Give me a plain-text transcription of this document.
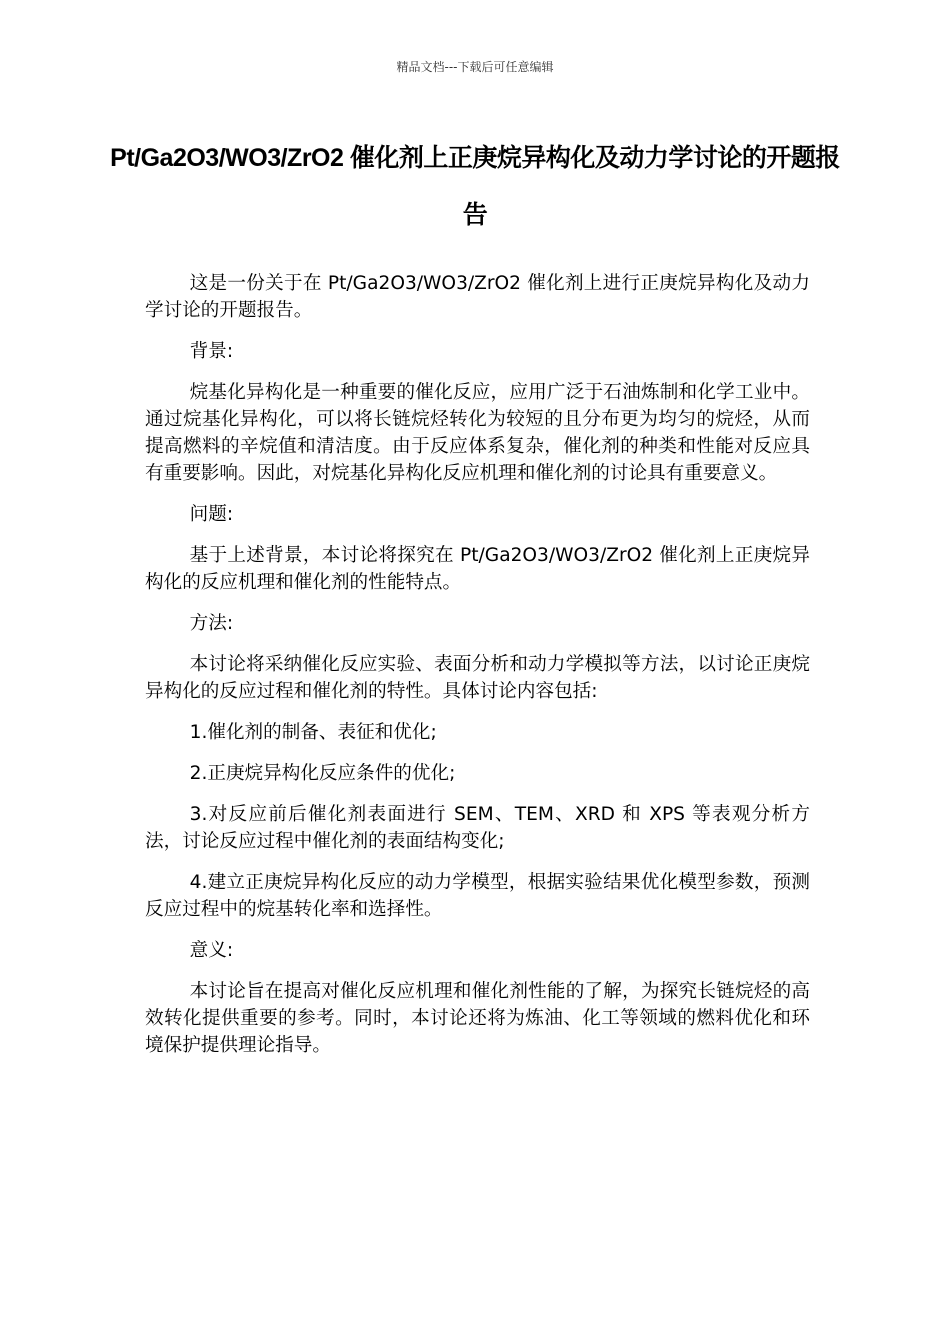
精品文档---下载后可任意编辑
Pt/Ga2O3/WO3/ZrO2 催化剂上正庚烷异构化及动力学讨论的开题报告

这是一份关于在 Pt/Ga2O3/WO3/ZrO2 催化剂上进行正庚烷异构化及动力学讨论的开题报告。

背景:

烷基化异构化是一种重要的催化反应，应用广泛于石油炼制和化学工业中。通过烷基化异构化，可以将长链烷烃转化为较短的且分布更为均匀的烷烃，从而提高燃料的辛烷值和清洁度。由于反应体系复杂，催化剂的种类和性能对反应具有重要影响。因此，对烷基化异构化反应机理和催化剂的讨论具有重要意义。

问题:

基于上述背景，本讨论将探究在 Pt/Ga2O3/WO3/ZrO2 催化剂上正庚烷异构化的反应机理和催化剂的性能特点。

方法:

本讨论将采纳催化反应实验、表面分析和动力学模拟等方法，以讨论正庚烷异构化的反应过程和催化剂的特性。具体讨论内容包括:

1.催化剂的制备、表征和优化;

2.正庚烷异构化反应条件的优化;

3.对反应前后催化剂表面进行 SEM、TEM、XRD 和 XPS 等表观分析方法，讨论反应过程中催化剂的表面结构变化;

4.建立正庚烷异构化反应的动力学模型，根据实验结果优化模型参数，预测反应过程中的烷基转化率和选择性。

意义:

本讨论旨在提高对催化反应机理和催化剂性能的了解，为探究长链烷烃的高效转化提供重要的参考。同时，本讨论还将为炼油、化工等领域的燃料优化和环境保护提供理论指导。
